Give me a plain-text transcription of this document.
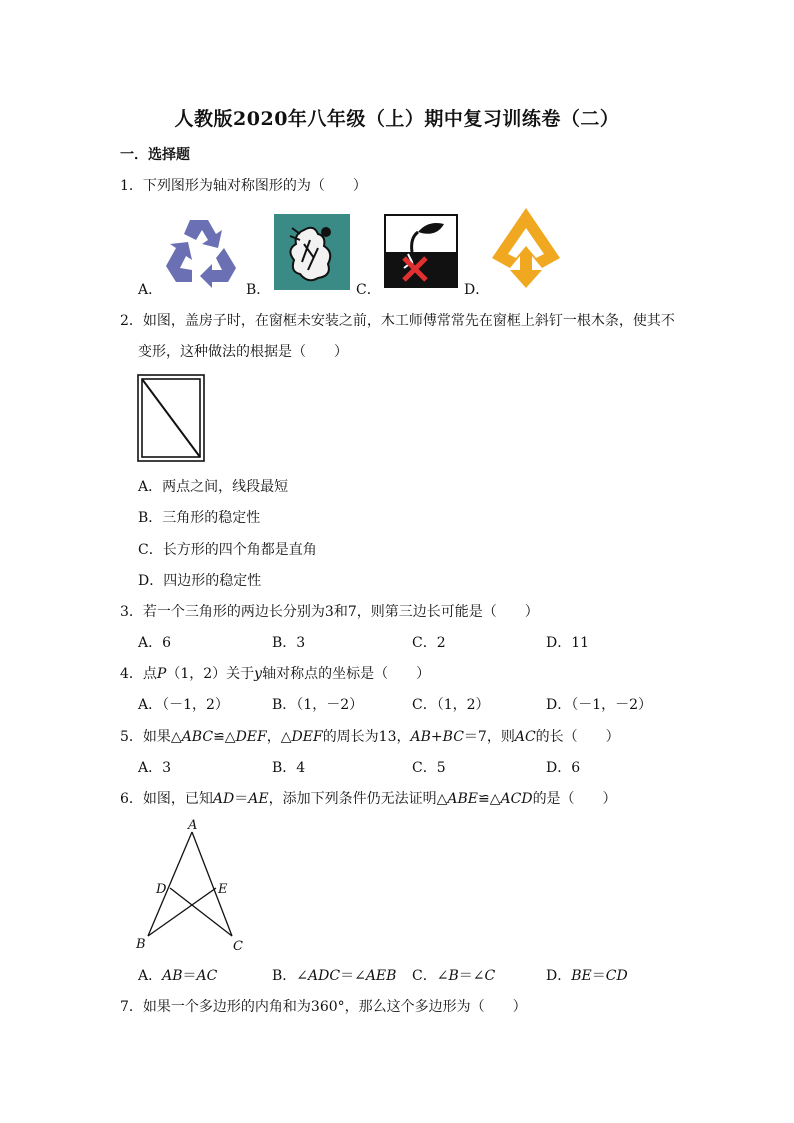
人教版2020年八年级（上）期中复习训练卷（二）
一．选择题
1．下列图形为轴对称图形的为（　　）
A．	B．	C．	D．
2．如图，盖房子时，在窗框未安装之前，木工师傅常常先在窗框上斜钉一根木条，使其不
变形，这种做法的根据是（　　）
A．两点之间，线段最短
B．三角形的稳定性
C．长方形的四个角都是直角
D．四边形的稳定性
3．若一个三角形的两边长分别为3和7，则第三边长可能是（　　）
A．6	B．3	C．2	D．11
4．点P（1，2）关于y轴对称点的坐标是（　　）
A．（－1，2）	B．（1，－2）	C．（1，2）	D．（－1，－2）
5．如果△ABC≌△DEF，△DEF的周长为13，AB+BC＝7，则AC的长（　　）
A．3	B．4	C．5	D．6
6．如图，已知AD＝AE，添加下列条件仍无法证明△ABE≌△ACD的是（　　）
A
B	C
D	E
A．AB＝AC	B．∠ADC＝∠AEB C．∠B＝∠C	D．BE＝CD
7．如果一个多边形的内角和为360°，那么这个多边形为（　　）
